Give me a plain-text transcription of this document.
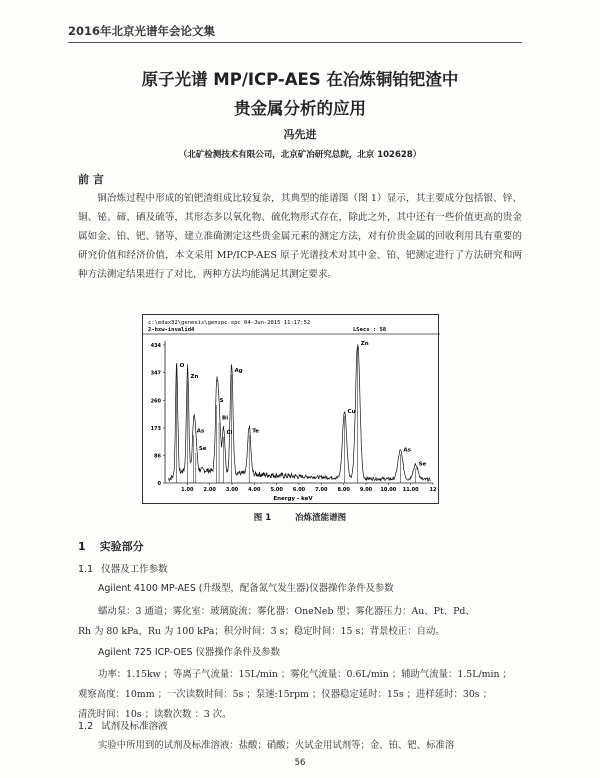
2016年北京光谱年会论文集
原子光谱 MP/ICP-AES 在冶炼铜铂钯渣中
贵金属分析的应用
冯先进
（北矿检测技术有限公司，北京矿冶研究总院，北京 102628）
前 言
铜冶炼过程中形成的铂钯渣组成比较复杂，其典型的能谱图（图 1）显示，其主要成分包括银、锌、铜、铋、碲、硒及硫等，其形态多以氧化物、硫化物形式存在，除此之外，其中还有一些价值更高的贵金属如金、铂、钯、锗等，建立准确测定这些贵金属元素的测定方法，对有价贵金属的回收利用具有重要的研究价值和经济价值，本文采用 MP/ICP-AES 原子光谱技术对其中金、铂、钯测定进行了方法研究和两种方法测定结果进行了对比，两种方法均能满足其测定要求。
c:\edax32\genesis\genspc.spc 04-Jun-2015 11:17:52
2-hxw-invalid4	LSecs : 58
0
86
173
260
347
434
1.00 2.00 3.00 4.00 5.00 6.00 7.00 8.00 9.00 10.00 11.00 12
O
Zn
As
Se
S
Bi
Cl
Ag
Te
Cu
Zn
As
Se
Energy - keV
图 1	冶炼渣能谱图
1 实验部分
1.1 仪器及工作参数
Agilent 4100 MP-AES (升级型，配备氮气发生器)仪器操作条件及参数
蠕动泵：3 通道；雾化室：玻璃旋流；雾化器：OneNeb 型；雾化器压力：Au、Pt、Pd、
Rh 为 80 kPa，Ru 为 100 kPa；积分时间：3 s；稳定时间：15 s；背景校正：自动。
Agilent 725 ICP-OES 仪器操作条件及参数
功率：1.15kw ；等离子气流量：15L/min ；雾化气流量：0.6L/min ；辅助气流量：1.5L/min ；
观察高度：10mm ；一次读数时间：5s ；泵速:15rpm ；仪器稳定延时：15s ；进样延时：30s ；
清洗时间：10s ；读数次数 ：3 次。
1.2 试剂及标准溶液
实验中所用到的试剂及标准溶液：盐酸；硝酸；火试金用试剂等；金、铂、钯、标准溶
56
